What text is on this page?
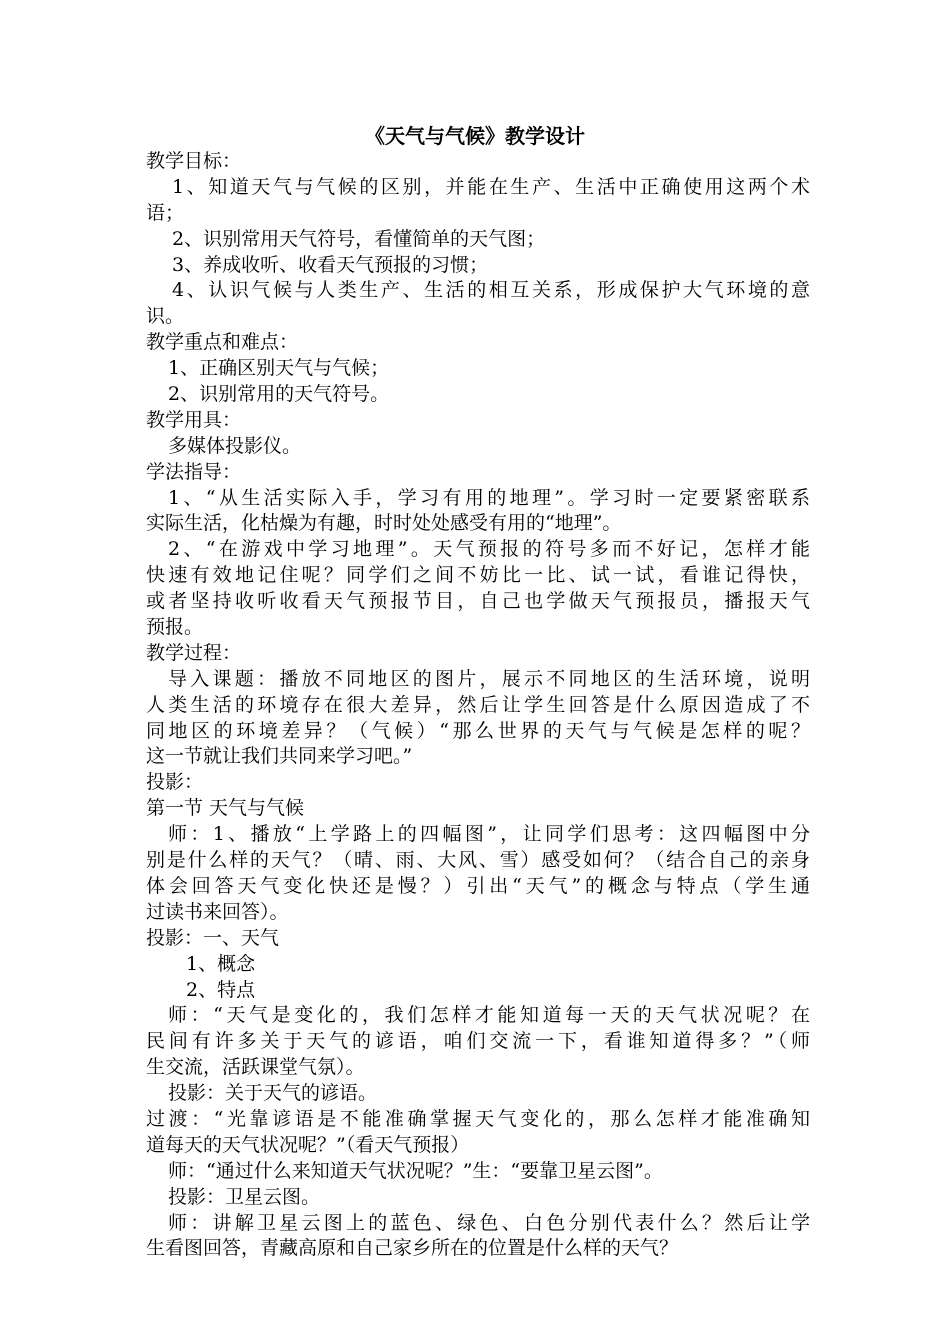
《天气与气候》教学设计
教学目标：
1、知道天气与气候的区别，并能在生产、生活中正确使用这两个术
语；
2、识别常用天气符号，看懂简单的天气图；
3、养成收听、收看天气预报的习惯；
4、认识气候与人类生产、生活的相互关系，形成保护大气环境的意
识。
教学重点和难点：
1、正确区别天气与气候；
2、识别常用的天气符号。
教学用具：
多媒体投影仪。
学法指导：
1、“从生活实际入手，学习有用的地理”。学习时一定要紧密联系
实际生活，化枯燥为有趣，时时处处感受有用的“地理”。
2、“在游戏中学习地理”。天气预报的符号多而不好记，怎样才能
快速有效地记住呢？同学们之间不妨比一比、试一试，看谁记得快，
或者坚持收听收看天气预报节目，自己也学做天气预报员，播报天气
预报。
教学过程：
导入课题：播放不同地区的图片，展示不同地区的生活环境，说明
人类生活的环境存在很大差异，然后让学生回答是什么原因造成了不
同地区的环境差异？（气候）“那么世界的天气与气候是怎样的呢？
这一节就让我们共同来学习吧。”
投影：
第一节 天气与气候
师：1、播放“上学路上的四幅图”，让同学们思考：这四幅图中分
别是什么样的天气？（晴、雨、大风、雪）感受如何？（结合自己的亲身
体会回答天气变化快还是慢？）引出“天气”的概念与特点（学生通
过读书来回答）。
投影：一、天气
1、概念
2、特点
师：“天气是变化的，我们怎样才能知道每一天的天气状况呢？在
民间有许多关于天气的谚语，咱们交流一下，看谁知道得多？”（师
生交流，活跃课堂气氛）。
投影：关于天气的谚语。
过渡：“光靠谚语是不能准确掌握天气变化的，那么怎样才能准确知
道每天的天气状况呢？”（看天气预报）
师：“通过什么来知道天气状况呢？”生：“要靠卫星云图”。
投影：卫星云图。
师：讲解卫星云图上的蓝色、绿色、白色分别代表什么？然后让学
生看图回答，青藏高原和自己家乡所在的位置是什么样的天气？
